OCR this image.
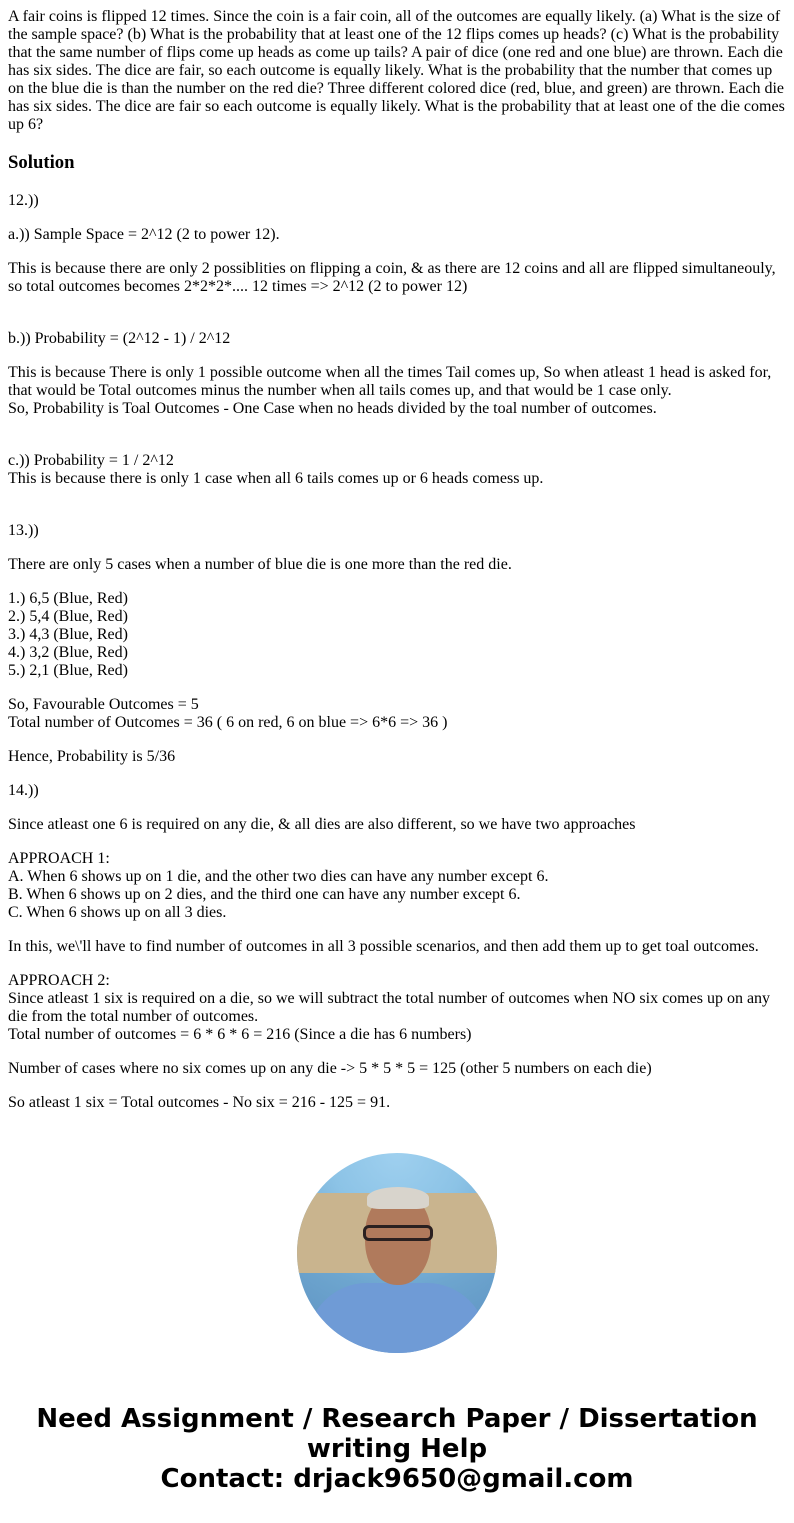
A fair coins is flipped 12 times. Since the coin is a fair coin, all of the outcomes are equally likely. (a) What is the size of the sample space? (b) What is the probability that at least one of the 12 flips comes up heads? (c) What is the probability that the same number of flips come up heads as come up tails? A pair of dice (one red and one blue) are thrown. Each die has six sides. The dice are fair, so each outcome is equally likely. What is the probability that the number that comes up on the blue die is than the number on the red die? Three different colored dice (red, blue, and green) are thrown. Each die has six sides. The dice are fair so each outcome is equally likely. What is the probability that at least one of the die comes up 6?

Solution

12.))

a.)) Sample Space = 2^12 (2 to power 12).

This is because there are only 2 possiblities on flipping a coin, & as there are 12 coins and all are flipped simultaneouly, so total outcomes becomes 2*2*2*.... 12 times => 2^12 (2 to power 12)

b.)) Probability = (2^12 - 1) / 2^12

This is because There is only 1 possible outcome when all the times Tail comes up, So when atleast 1 head is asked for, that would be Total outcomes minus the number when all tails comes up, and that would be 1 case only.
So, Probability is Toal Outcomes - One Case when no heads divided by the toal number of outcomes.

c.)) Probability = 1 / 2^12
This is because there is only 1 case when all 6 tails comes up or 6 heads comess up.

13.))

There are only 5 cases when a number of blue die is one more than the red die.

1.) 6,5 (Blue, Red)
2.) 5,4 (Blue, Red)
3.) 4,3 (Blue, Red)
4.) 3,2 (Blue, Red)
5.) 2,1 (Blue, Red)

So, Favourable Outcomes = 5
Total number of Outcomes = 36 ( 6 on red, 6 on blue => 6*6 => 36 )

Hence, Probability is 5/36

14.))

Since atleast one 6 is required on any die, & all dies are also different, so we have two approaches

APPROACH 1:
A. When 6 shows up on 1 die, and the other two dies can have any number except 6.
B. When 6 shows up on 2 dies, and the third one can have any number except 6.
C. When 6 shows up on all 3 dies.

In this, we\'ll have to find number of outcomes in all 3 possible scenarios, and then add them up to get toal outcomes.

APPROACH 2:
Since atleast 1 six is required on a die, so we will subtract the total number of outcomes when NO six comes up on any die from the total number of outcomes.
Total number of outcomes = 6 * 6 * 6 = 216 (Since a die has 6 numbers)

Number of cases where no six comes up on any die -> 5 * 5 * 5 = 125 (other 5 numbers on each die)

So atleast 1 six = Total outcomes - No six = 216 - 125 = 91.

Need Assignment / Research Paper / Dissertation
writing Help
Contact: drjack9650@gmail.com
